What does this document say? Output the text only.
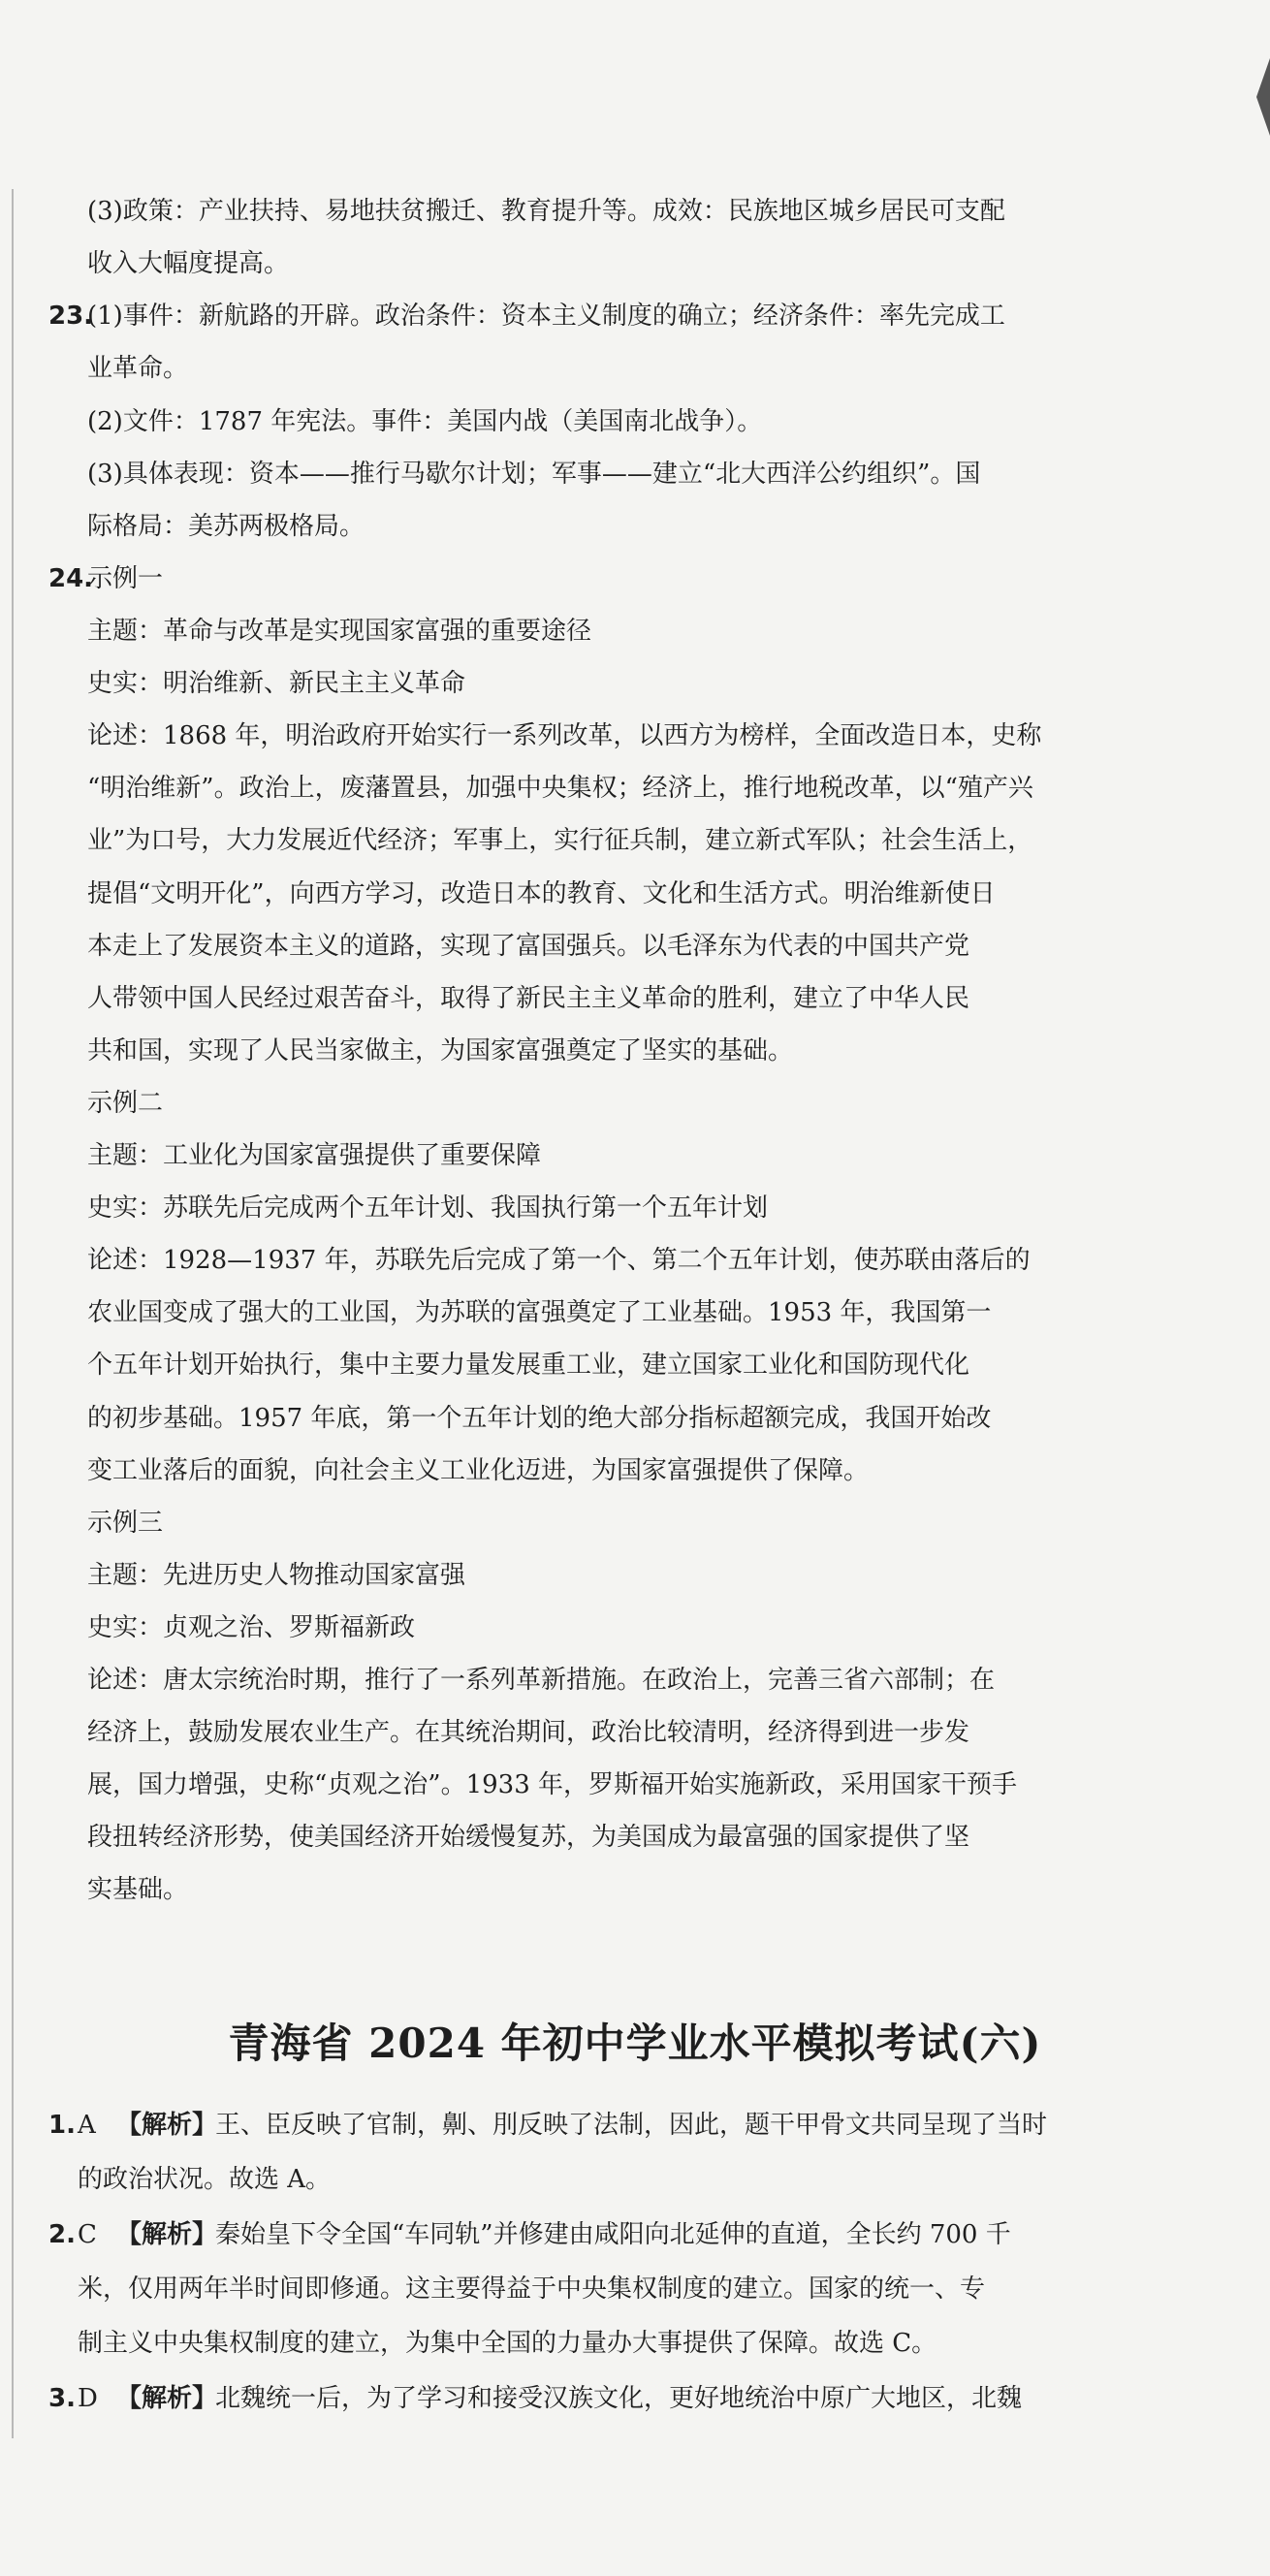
(3)政策：产业扶持、易地扶贫搬迁、教育提升等。成效：民族地区城乡居民可支配
收入大幅度提高。
23.
(1)事件：新航路的开辟。政治条件：资本主义制度的确立；经济条件：率先完成工
业革命。
(2)文件：1787 年宪法。事件：美国内战（美国南北战争）。
(3)具体表现：资本——推行马歇尔计划；军事——建立“北大西洋公约组织”。国
际格局：美苏两极格局。
24.
示例一
主题：革命与改革是实现国家富强的重要途径
史实：明治维新、新民主主义革命
论述：1868 年，明治政府开始实行一系列改革，以西方为榜样，全面改造日本，史称
“明治维新”。政治上，废藩置县，加强中央集权；经济上，推行地税改革，以“殖产兴
业”为口号，大力发展近代经济；军事上，实行征兵制，建立新式军队；社会生活上，
提倡“文明开化”，向西方学习，改造日本的教育、文化和生活方式。明治维新使日
本走上了发展资本主义的道路，实现了富国强兵。以毛泽东为代表的中国共产党
人带领中国人民经过艰苦奋斗，取得了新民主主义革命的胜利，建立了中华人民
共和国，实现了人民当家做主，为国家富强奠定了坚实的基础。
示例二
主题：工业化为国家富强提供了重要保障
史实：苏联先后完成两个五年计划、我国执行第一个五年计划
论述：1928—1937 年，苏联先后完成了第一个、第二个五年计划，使苏联由落后的
农业国变成了强大的工业国，为苏联的富强奠定了工业基础。1953 年，我国第一
个五年计划开始执行，集中主要力量发展重工业，建立国家工业化和国防现代化
的初步基础。1957 年底，第一个五年计划的绝大部分指标超额完成，我国开始改
变工业落后的面貌，向社会主义工业化迈进，为国家富强提供了保障。
示例三
主题：先进历史人物推动国家富强
史实：贞观之治、罗斯福新政
论述：唐太宗统治时期，推行了一系列革新措施。在政治上，完善三省六部制；在
经济上，鼓励发展农业生产。在其统治期间，政治比较清明，经济得到进一步发
展，国力增强，史称“贞观之治”。1933 年，罗斯福开始实施新政，采用国家干预手
段扭转经济形势，使美国经济开始缓慢复苏，为美国成为最富强的国家提供了坚
实基础。
青海省 2024 年初中学业水平模拟考试(六)
1. A 【解析】
王、臣反映了官制，劓、刖反映了法制，因此，题干甲骨文共同呈现了当时
的政治状况。故选 A。
2. C 【解析】
秦始皇下令全国“车同轨”并修建由咸阳向北延伸的直道，全长约 700 千
米，仅用两年半时间即修通。这主要得益于中央集权制度的建立。国家的统一、专
制主义中央集权制度的建立，为集中全国的力量办大事提供了保障。故选 C。
3. D 【解析】
北魏统一后，为了学习和接受汉族文化，更好地统治中原广大地区，北魏
